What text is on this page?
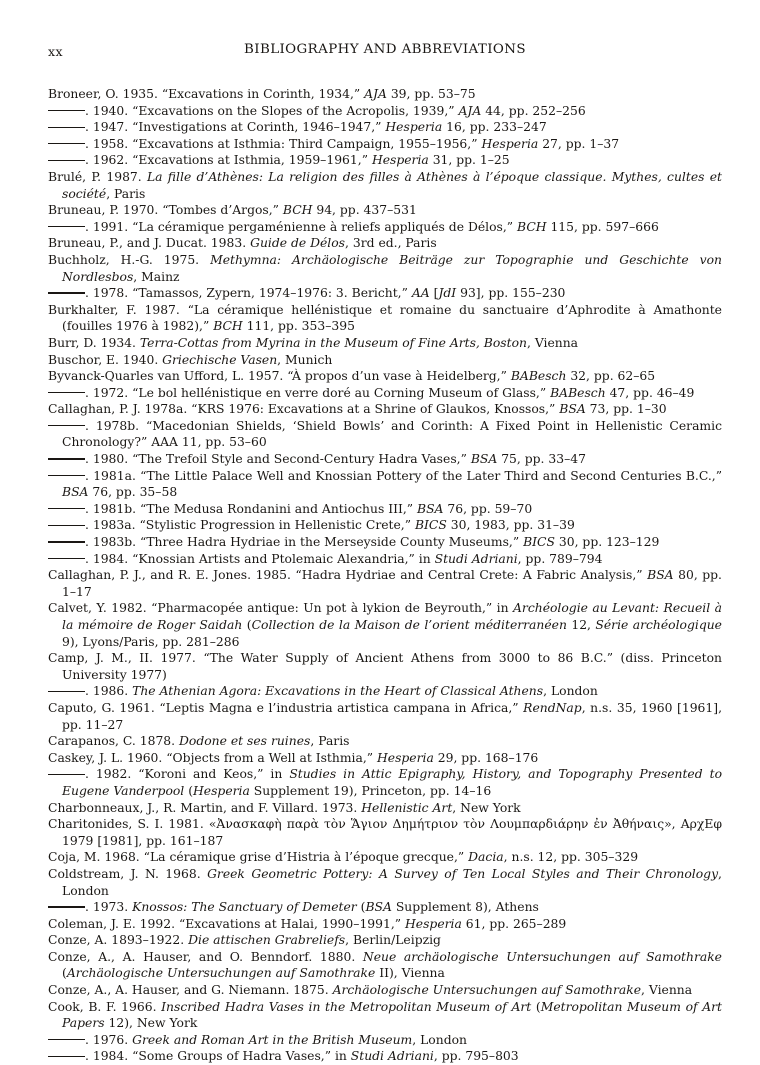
xx	BIBLIOGRAPHY AND ABBREVIATIONS

Broneer, O. 1935. “Excavations in Corinth, 1934,” AJA 39, pp. 53–75

. 1940. “Excavations on the Slopes of the Acropolis, 1939,” AJA 44, pp. 252–256

. 1947. “Investigations at Corinth, 1946–1947,” Hesperia 16, pp. 233–247

. 1958. “Excavations at Isthmia: Third Campaign, 1955–1956,” Hesperia 27, pp. 1–37

. 1962. “Excavations at Isthmia, 1959–1961,” Hesperia 31, pp. 1–25

Brulé, P. 1987. La fille d’Athènes: La religion des filles à Athènes à l’époque classique. Mythes, cultes et société, Paris

Bruneau, P. 1970. “Tombes d’Argos,” BCH 94, pp. 437–531

. 1991. “La céramique pergaménienne à reliefs appliqués de Délos,” BCH 115, pp. 597–666

Bruneau, P., and J. Ducat. 1983. Guide de Délos, 3rd ed., Paris

Buchholz, H.-G. 1975. Methymna: Archäologische Beiträge zur Topographie und Geschichte von Nordlesbos, Mainz

. 1978. “Tamassos, Zypern, 1974–1976: 3. Bericht,” AA [JdI 93], pp. 155–230

Burkhalter, F. 1987. “La céramique hellénistique et romaine du sanctuaire d’Aphrodite à Amathonte (fouilles 1976 à 1982),” BCH 111, pp. 353–395

Burr, D. 1934. Terra-Cottas from Myrina in the Museum of Fine Arts, Boston, Vienna

Buschor, E. 1940. Griechische Vasen, Munich

Byvanck-Quarles van Ufford, L. 1957. “À propos d’un vase à Heidelberg,” BABesch 32, pp. 62–65

. 1972. “Le bol hellénistique en verre doré au Corning Museum of Glass,” BABesch 47, pp. 46–49

Callaghan, P. J. 1978a. “KRS 1976: Excavations at a Shrine of Glaukos, Knossos,” BSA 73, pp. 1–30

. 1978b. “Macedonian Shields, ‘Shield Bowls’ and Corinth: A Fixed Point in Hellenistic Ceramic Chronology?” AAA 11, pp. 53–60

. 1980. “The Trefoil Style and Second-Century Hadra Vases,” BSA 75, pp. 33–47

. 1981a. “The Little Palace Well and Knossian Pottery of the Later Third and Second Centuries B.C.,” BSA 76, pp. 35–58

. 1981b. “The Medusa Rondanini and Antiochus III,” BSA 76, pp. 59–70

. 1983a. “Stylistic Progression in Hellenistic Crete,” BICS 30, 1983, pp. 31–39

. 1983b. “Three Hadra Hydriae in the Merseyside County Museums,” BICS 30, pp. 123–129

. 1984. “Knossian Artists and Ptolemaic Alexandria,” in Studi Adriani, pp. 789–794

Callaghan, P. J., and R. E. Jones. 1985. “Hadra Hydriae and Central Crete: A Fabric Analysis,” BSA 80, pp. 1–17

Calvet, Y. 1982. “Pharmacopée antique: Un pot à lykion de Beyrouth,” in Archéologie au Levant: Recueil à la mémoire de Roger Saidah (Collection de la Maison de l’orient méditerranéen 12, Série archéologique 9), Lyons/Paris, pp. 281–286

Camp, J. M., II. 1977. “The Water Supply of Ancient Athens from 3000 to 86 B.C.” (diss. Princeton University 1977)

. 1986. The Athenian Agora: Excavations in the Heart of Classical Athens, London

Caputo, G. 1961. “Leptis Magna e l’industria artistica campana in Africa,” RendNap, n.s. 35, 1960 [1961], pp. 11–27

Carapanos, C. 1878. Dodone et ses ruines, Paris

Caskey, J. L. 1960. “Objects from a Well at Isthmia,” Hesperia 29, pp. 168–176

. 1982. “Koroni and Keos,” in Studies in Attic Epigraphy, History, and Topography Presented to Eugene Vanderpool (Hesperia Supplement 19), Princeton, pp. 14–16

Charbonneaux, J., R. Martin, and F. Villard. 1973. Hellenistic Art, New York

Charitonides, S. I. 1981. «Ἀνασκαφὴ παρὰ τὸν Ἅγιον Δημήτριον τὸν Λουμπαρδιάρην ἐν Ἀθήναις», ΑρχΕφ 1979 [1981], pp. 161–187

Coja, M. 1968. “La céramique grise d’Histria à l’époque grecque,” Dacia, n.s. 12, pp. 305–329

Coldstream, J. N. 1968. Greek Geometric Pottery: A Survey of Ten Local Styles and Their Chronology, London

. 1973. Knossos: The Sanctuary of Demeter (BSA Supplement 8), Athens

Coleman, J. E. 1992. “Excavations at Halai, 1990–1991,” Hesperia 61, pp. 265–289

Conze, A. 1893–1922. Die attischen Grabreliefs, Berlin/Leipzig

Conze, A., A. Hauser, and O. Benndorf. 1880. Neue archäologische Untersuchungen auf Samothrake (Archäologische Untersuchungen auf Samothrake II), Vienna

Conze, A., A. Hauser, and G. Niemann. 1875. Archäologische Untersuchungen auf Samothrake, Vienna

Cook, B. F. 1966. Inscribed Hadra Vases in the Metropolitan Museum of Art (Metropolitan Museum of Art Papers 12), New York

. 1976. Greek and Roman Art in the British Museum, London

. 1984. “Some Groups of Hadra Vases,” in Studi Adriani, pp. 795–803
